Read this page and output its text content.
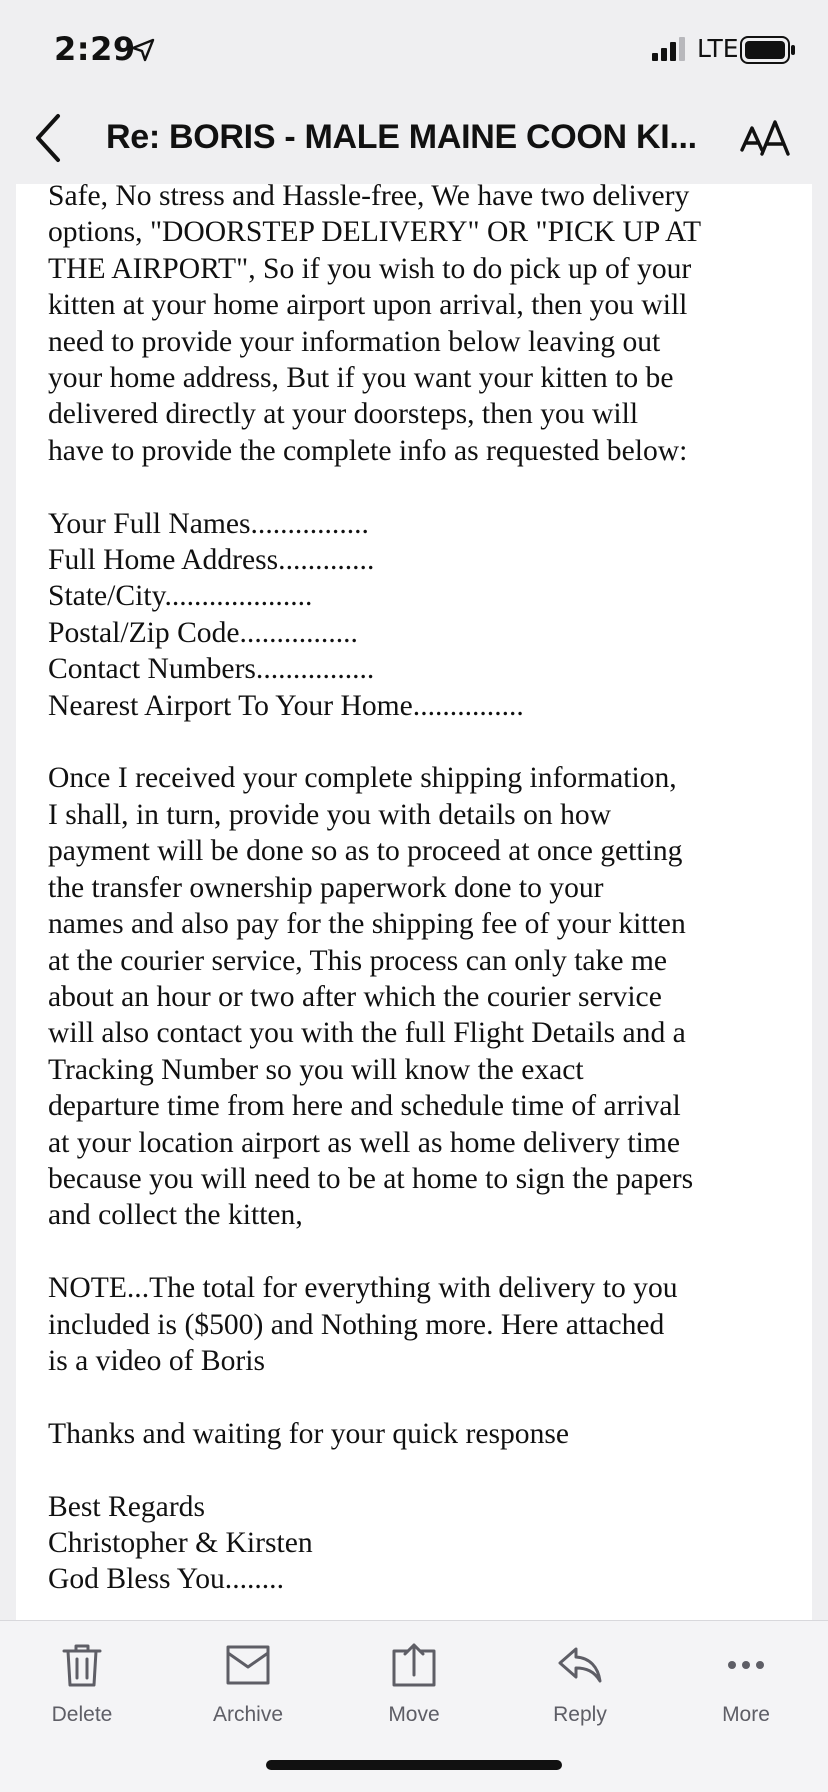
2:29	LTE
Re: BORIS - MALE MAINE COON KI...
Safe, No stress and Hassle-free, We have two delivery
options, "DOORSTEP DELIVERY" OR "PICK UP AT
THE AIRPORT", So if you wish to do pick up of your
kitten at your home airport upon arrival, then you will
need to provide your information below leaving out
your home address, But if you want your kitten to be
delivered directly at your doorsteps, then you will
have to provide the complete info as requested below:
Your Full Names................
Full Home Address.............
State/City....................
Postal/Zip Code................
Contact Numbers................
Nearest Airport To Your Home...............
Once I received your complete shipping information,
I shall, in turn, provide you with details on how
payment will be done so as to proceed at once getting
the transfer ownership paperwork done to your
names and also pay for the shipping fee of your kitten
at the courier service, This process can only take me
about an hour or two after which the courier service
will also contact you with the full Flight Details and a
Tracking Number so you will know the exact
departure time from here and schedule time of arrival
at your location airport as well as home delivery time
because you will need to be at home to sign the papers
and collect the kitten,
NOTE...The total for everything with delivery to you
included is ($500) and Nothing more. Here attached
is a video of Boris
Thanks and waiting for your quick response
Best Regards
Christopher & Kirsten
God Bless You........
Delete	Archive	Move	Reply	More
